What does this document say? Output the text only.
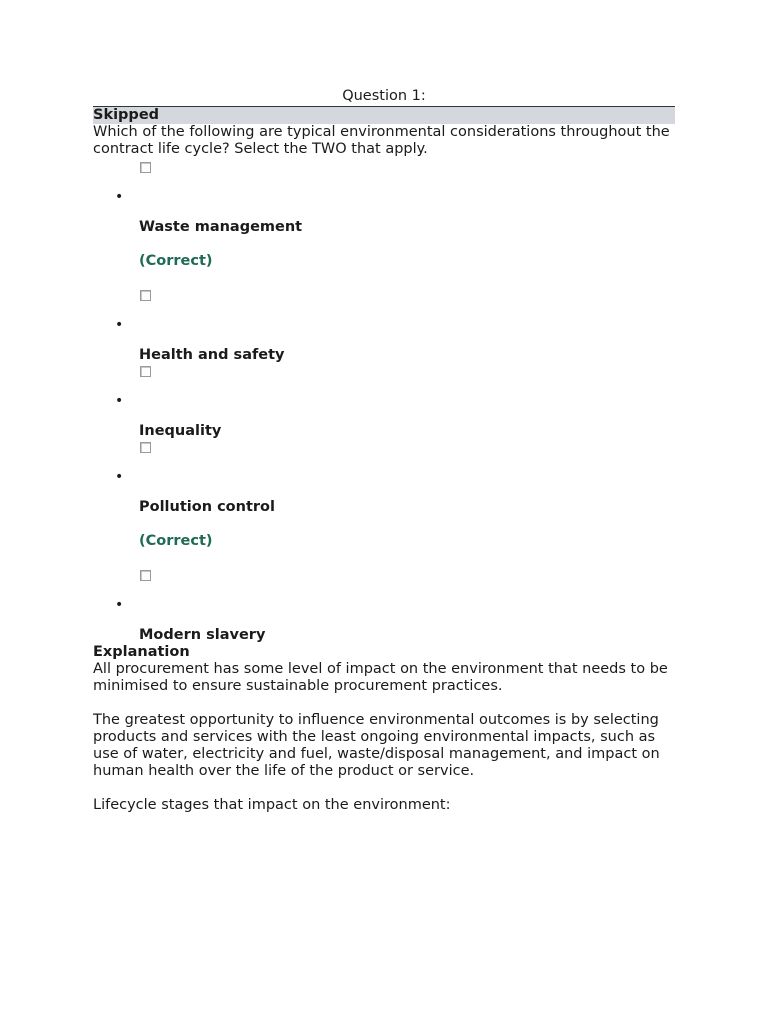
Question 1:
Skipped
Which of the following are typical environmental considerations throughout the contract life cycle? Select the TWO that apply.
•
Waste management
(Correct)
•
Health and safety
•
Inequality
•
Pollution control
(Correct)
•
Modern slavery
Explanation

All procurement has some level of impact on the environment that needs to be minimised to ensure sustainable procurement practices.

The greatest opportunity to influence environmental outcomes is by selecting products and services with the least ongoing environmental impacts, such as use of water, electricity and fuel, waste/disposal management, and impact on human health over the life of the product or service.

Lifecycle stages that impact on the environment:
